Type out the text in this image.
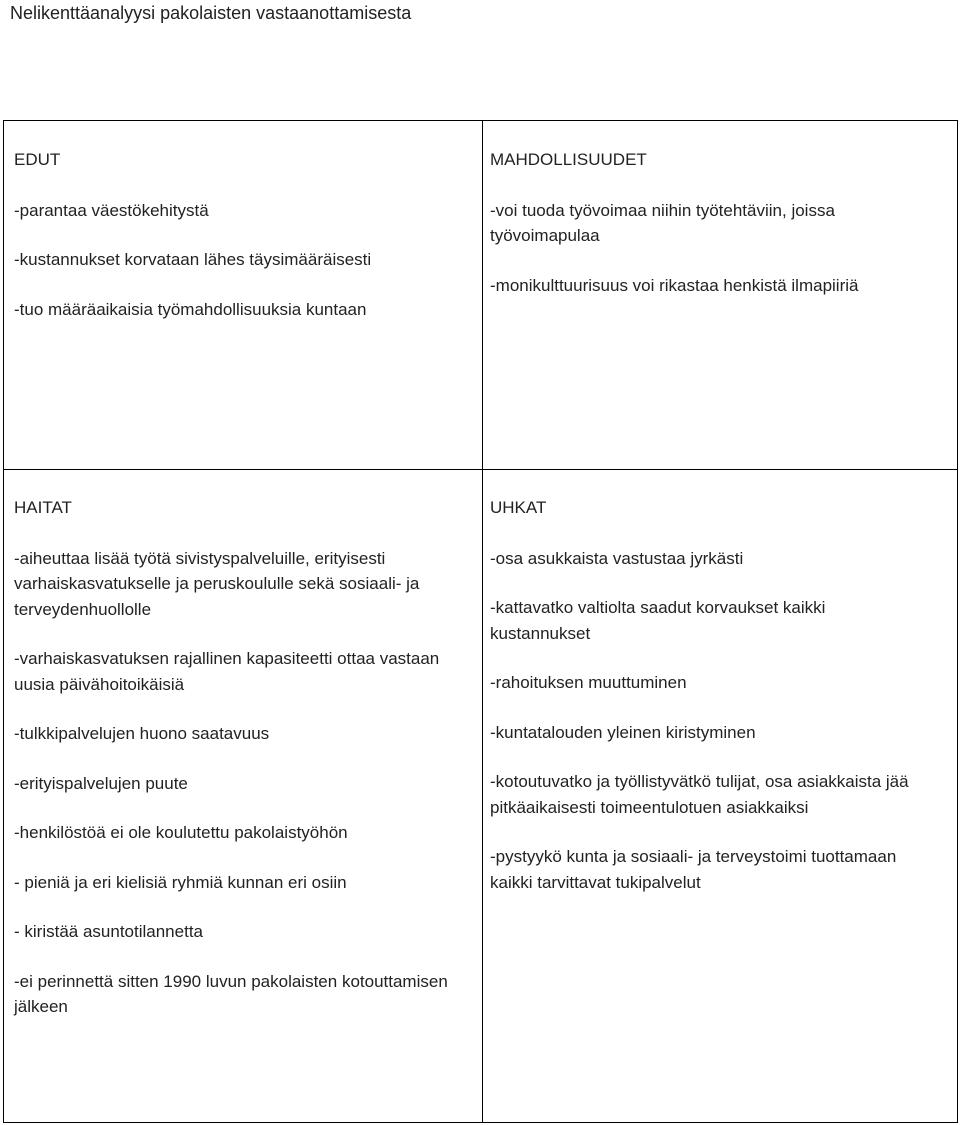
Nelikenttäanalyysi pakolaisten vastaanottamisesta
EDUT
-parantaa väestökehitystä
-kustannukset korvataan lähes täysimääräisesti
-tuo määräaikaisia työmahdollisuuksia kuntaan
MAHDOLLISUUDET
-voi tuoda työvoimaa niihin työtehtäviin, joissa työvoimapulaa
-monikulttuurisuus voi rikastaa henkistä ilmapiiriä
HAITAT
-aiheuttaa lisää työtä sivistyspalveluille, erityisesti varhaiskasvatukselle ja peruskoululle sekä sosiaali- ja terveydenhuollolle
-varhaiskasvatuksen rajallinen kapasiteetti ottaa vastaan uusia päivähoitoikäisiä
-tulkkipalvelujen huono saatavuus
-erityispalvelujen puute
-henkilöstöä ei ole koulutettu pakolaistyöhön
- pieniä ja eri kielisiä ryhmiä kunnan eri osiin
- kiristää asuntotilannetta
-ei perinnettä sitten 1990 luvun pakolaisten kotouttamisen jälkeen
UHKAT
-osa asukkaista vastustaa jyrkästi
-kattavatko valtiolta saadut korvaukset kaikki kustannukset
-rahoituksen muuttuminen
-kuntatalouden yleinen kiristyminen
-kotoutuvatko ja työllistyvätkö tulijat, osa asiakkaista jää pitkäaikaisesti toimeentulotuen asiakkaiksi
-pystyykö kunta ja sosiaali- ja terveystoimi tuottamaan kaikki tarvittavat tukipalvelut
